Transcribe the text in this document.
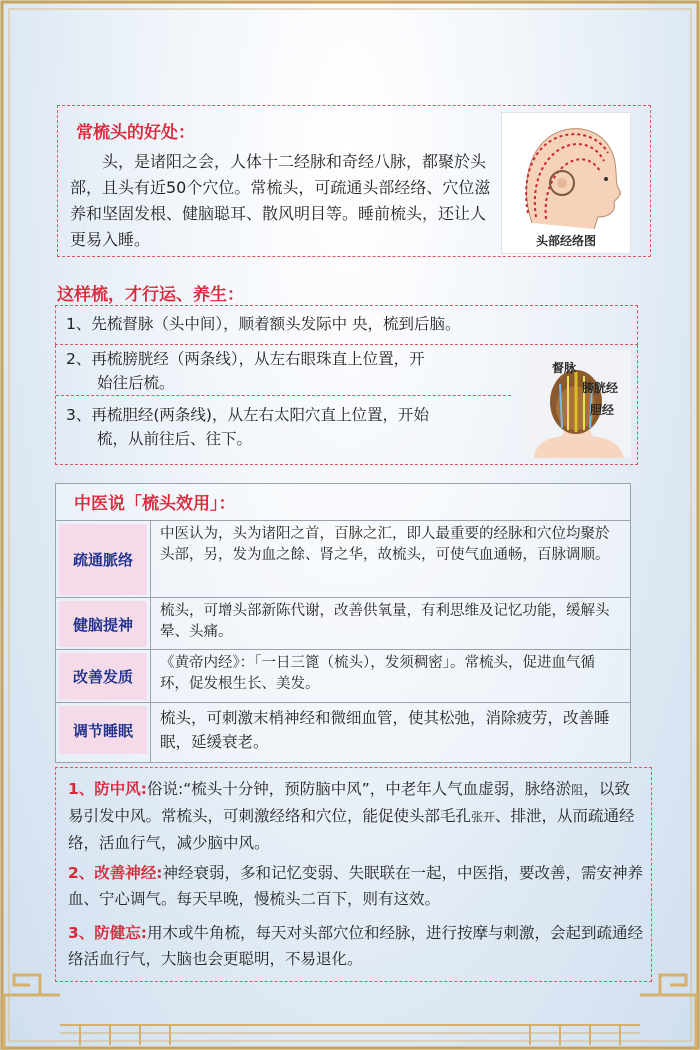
常梳头的好处：
头，是诸阳之会，人体十二经脉和奇经八脉，都聚於头部，且头有近50个穴位。常梳头，可疏通头部经络、穴位滋养和坚固发根、健脑聪耳、散风明目等。睡前梳头，还让人更易入睡。	头部经络图
这样梳，才行运、养生：
1、先梳督脉（头中间），顺着额头发际中 央，梳到后脑。
2、再梳膀胱经（两条线），从左右眼珠直上位置，开
始往后梳。
3、再梳胆经(两条线)，从左右太阳穴直上位置，开始
梳，从前往后、往下。
督脉
膀胱经
胆经
中医说「梳头效用」：
疏通脈络
中医认为，头为诸阳之首，百脉之汇，即人最重要的经脉和穴位均聚於头部，另，发为血之餘、肾之华，故梳头，可使气血通畅，百脉调顺。
健脑提神
梳头，可增头部新陈代谢，改善供氧量，有利思维及记忆功能，缓解头晕、头痛。
改善发质
《黄帝内经》：「一日三篦（梳头），发须稠密」。常梳头，促进血气循环，促发根生长、美发。
调节睡眠
梳头，可刺激末梢神经和微细血管，使其松弛，消除疲劳，改善睡眠，延缓衰老。
1、防中风:俗说:“梳头十分钟，预防脑中风”，中老年人气血虚弱，脉络淤阻，以致易引发中风。常梳头，可刺激经络和穴位，能促使头部毛孔张开、排泄，从而疏通经络，活血行气，减少脑中风。
2、改善神经:神经衰弱，多和记忆变弱、失眠联在一起，中医指，要改善，需安神养血、宁心调气。每天早晚，慢梳头二百下，则有这效。
3、防健忘:用木或牛角梳，每天对头部穴位和经脉，进行按摩与刺激，会起到疏通经络活血行气，大脑也会更聪明，不易退化。
